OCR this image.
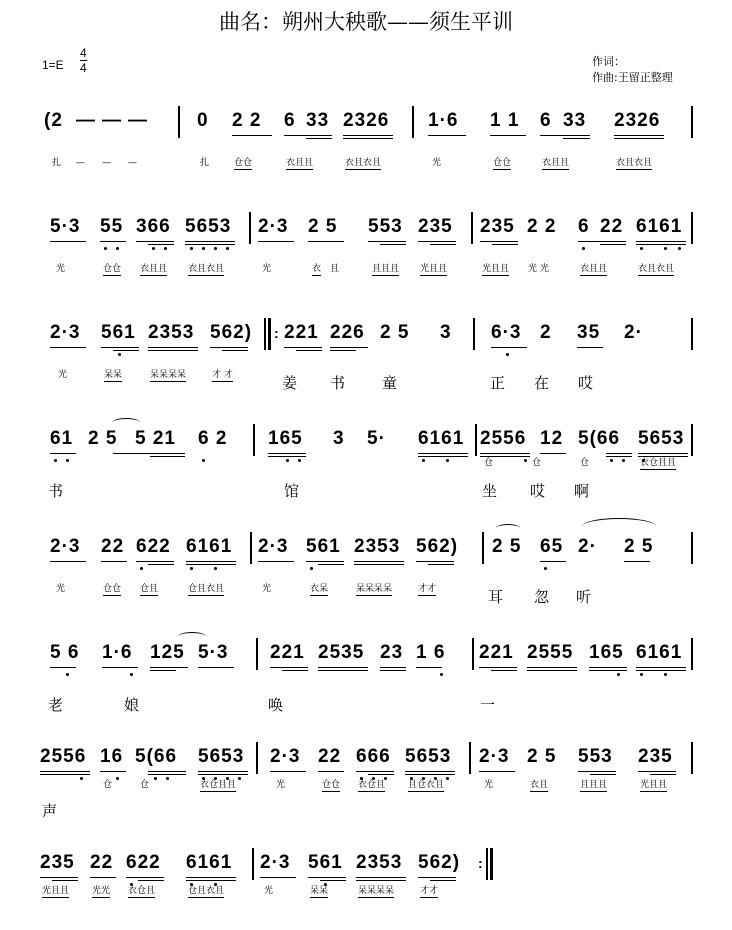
曲名：朔州大秧歌——须生平训
$1=E \frac{4}{4}$	作词：
作曲:王留正整理
(2 — — —	0 2 2 6 33 2326 1·6 1 1 6 33 2326
扎 — — —	扎	仓仓	衣且且	衣且衣且	光	仓仓	衣且且	衣且衣且
5·3 55 366 5653 2·3 2 5 553 235 235 2 2 6 22 6161
光	仓仓 衣且且 衣且衣且	光	衣 且	且且且 光且且	光且且 光 光	衣且且	衣且衣且
2·3 561 2353 562) : 221 226 2 5 3 6·3 2 35 2·
光	呆呆	呆呆呆呆	才 才	姜 书 童	正 在 哎
61 2 5 5 21 6 2 165 3 5· 6161 2556 12 5(66 5653
仓	仓	仓	衣仓且且
书	馆	坐 哎 啊
2·3 22 622 6161 2·3 561 2353 562) 2 5 65 2· 2 5
光	仓仓 仓且	仓且衣且	光	衣呆	呆呆呆呆	才才	耳 忽 听
5 6 1·6 125 5·3 221 2535 23 1 6 221 2555 165 6161
老	娘	唤	一
2556 16 5(66 5653 2·3 22 666 5653 2·3 2 5 553 235
仓	仓	衣仓且且	光	仓仓 衣仓且	且仓衣且	光	衣且	且且且	光且且
声
235 22 622 6161 2·3 561 2353 562) :
光且且	光光 衣仓且	仓且衣且	光	呆呆	呆呆呆呆	才才
